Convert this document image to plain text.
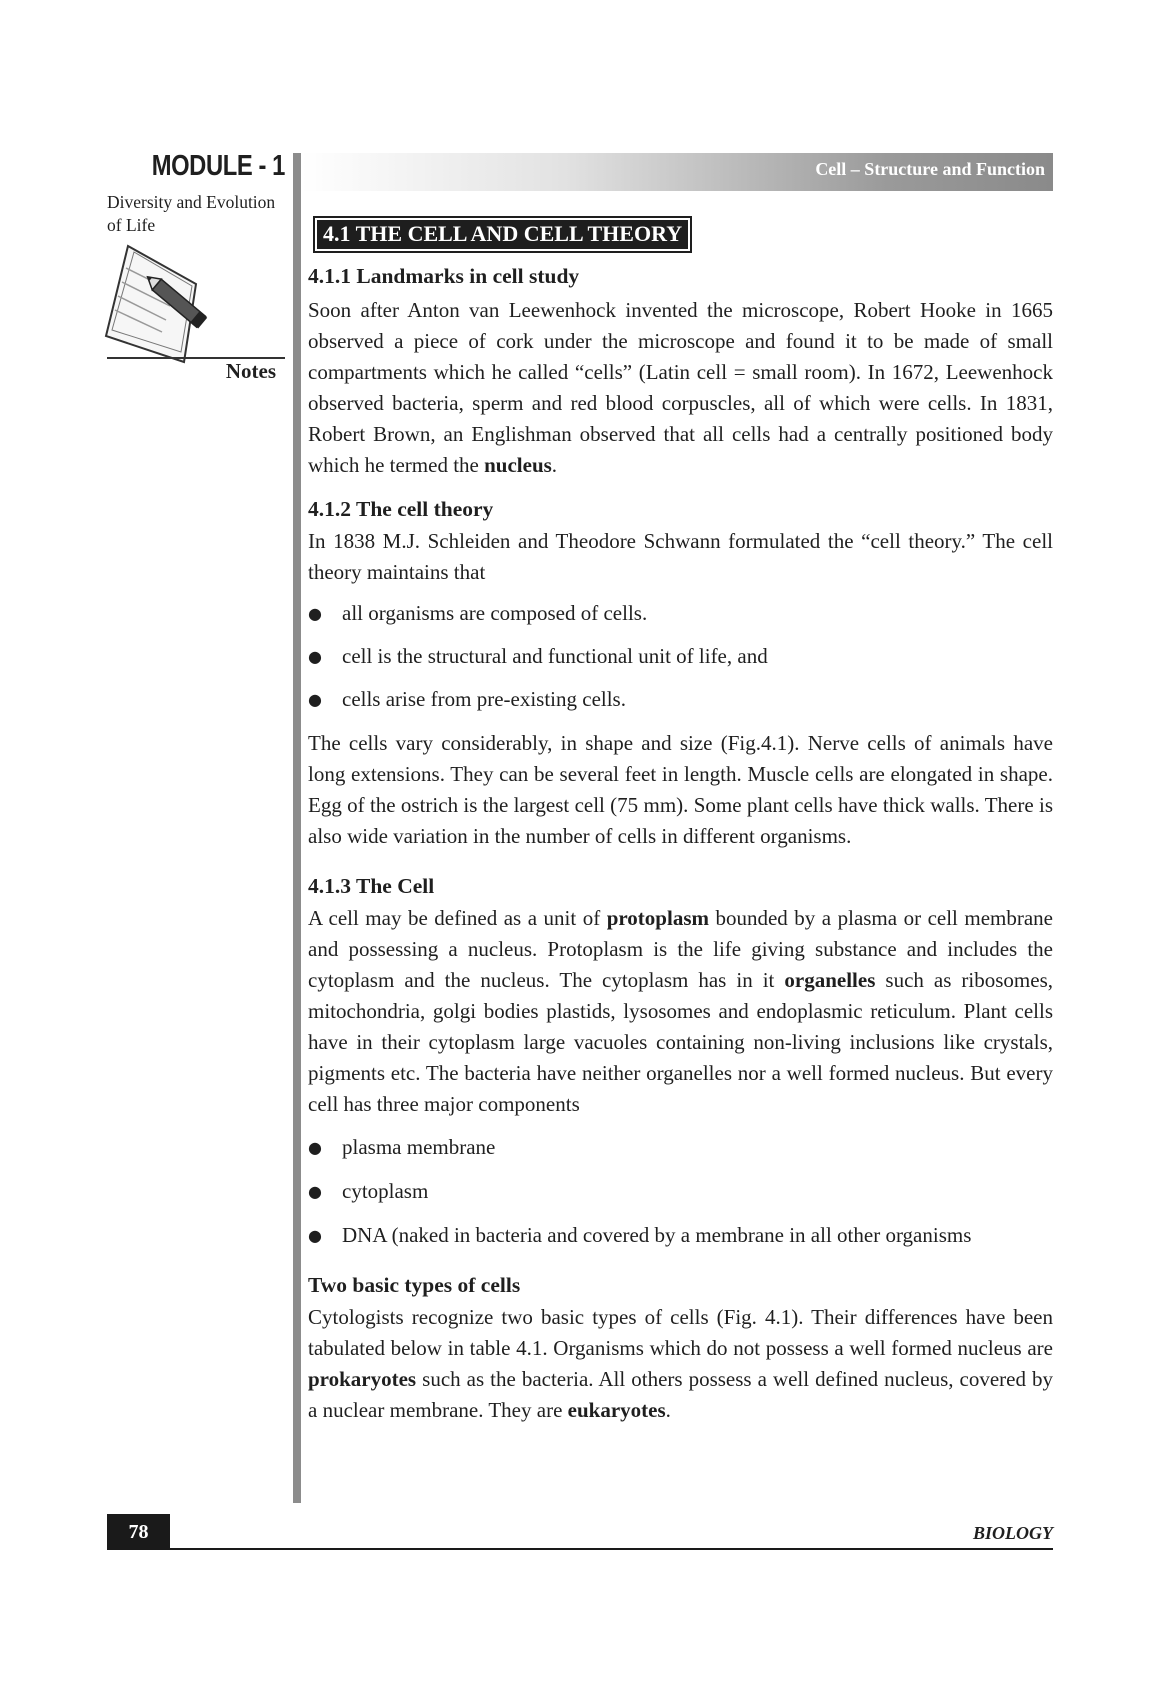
MODULE - 1
Diversity and Evolution
of Life
Notes
Cell – Structure and Function
4.1 THE CELL AND CELL THEORY
4.1.1 Landmarks in cell study

Soon after Anton van Leewenhock invented the microscope, Robert Hooke in 1665 observed a piece of cork under the microscope and found it to be made of small compartments which he called “cells” (Latin cell = small room). In 1672, Leewenhock observed bacteria, sperm and red blood corpuscles, all of which were cells. In 1831, Robert Brown, an Englishman observed that all cells had a centrally positioned body which he termed the nucleus.

4.1.2 The cell theory

In 1838 M.J. Schleiden and Theodore Schwann formulated the “cell theory.” The cell theory maintains that

● all organisms are composed of cells.
● cell is the structural and functional unit of life, and
● cells arise from pre-existing cells.

The cells vary considerably, in shape and size (Fig.4.1). Nerve cells of animals have long extensions. They can be several feet in length. Muscle cells are elongated in shape. Egg of the ostrich is the largest cell (75 mm). Some plant cells have thick walls. There is also wide variation in the number of cells in different organisms.

4.1.3 The Cell

A cell may be defined as a unit of protoplasm bounded by a plasma or cell membrane and possessing a nucleus. Protoplasm is the life giving substance and includes the cytoplasm and the nucleus. The cytoplasm has in it organelles such as ribosomes, mitochondria, golgi bodies plastids, lysosomes and endoplasmic reticulum. Plant cells have in their cytoplasm large vacuoles containing non-living inclusions like crystals, pigments etc. The bacteria have neither organelles nor a well formed nucleus. But every cell has three major components

● plasma membrane
● cytoplasm
● DNA (naked in bacteria and covered by a membrane in all other organisms
Two basic types of cells

Cytologists recognize two basic types of cells (Fig. 4.1). Their differences have been tabulated below in table 4.1. Organisms which do not possess a well formed nucleus are prokaryotes such as the bacteria. All others possess a well defined nucleus, covered by a nuclear membrane. They are eukaryotes.

78	BIOLOGY
